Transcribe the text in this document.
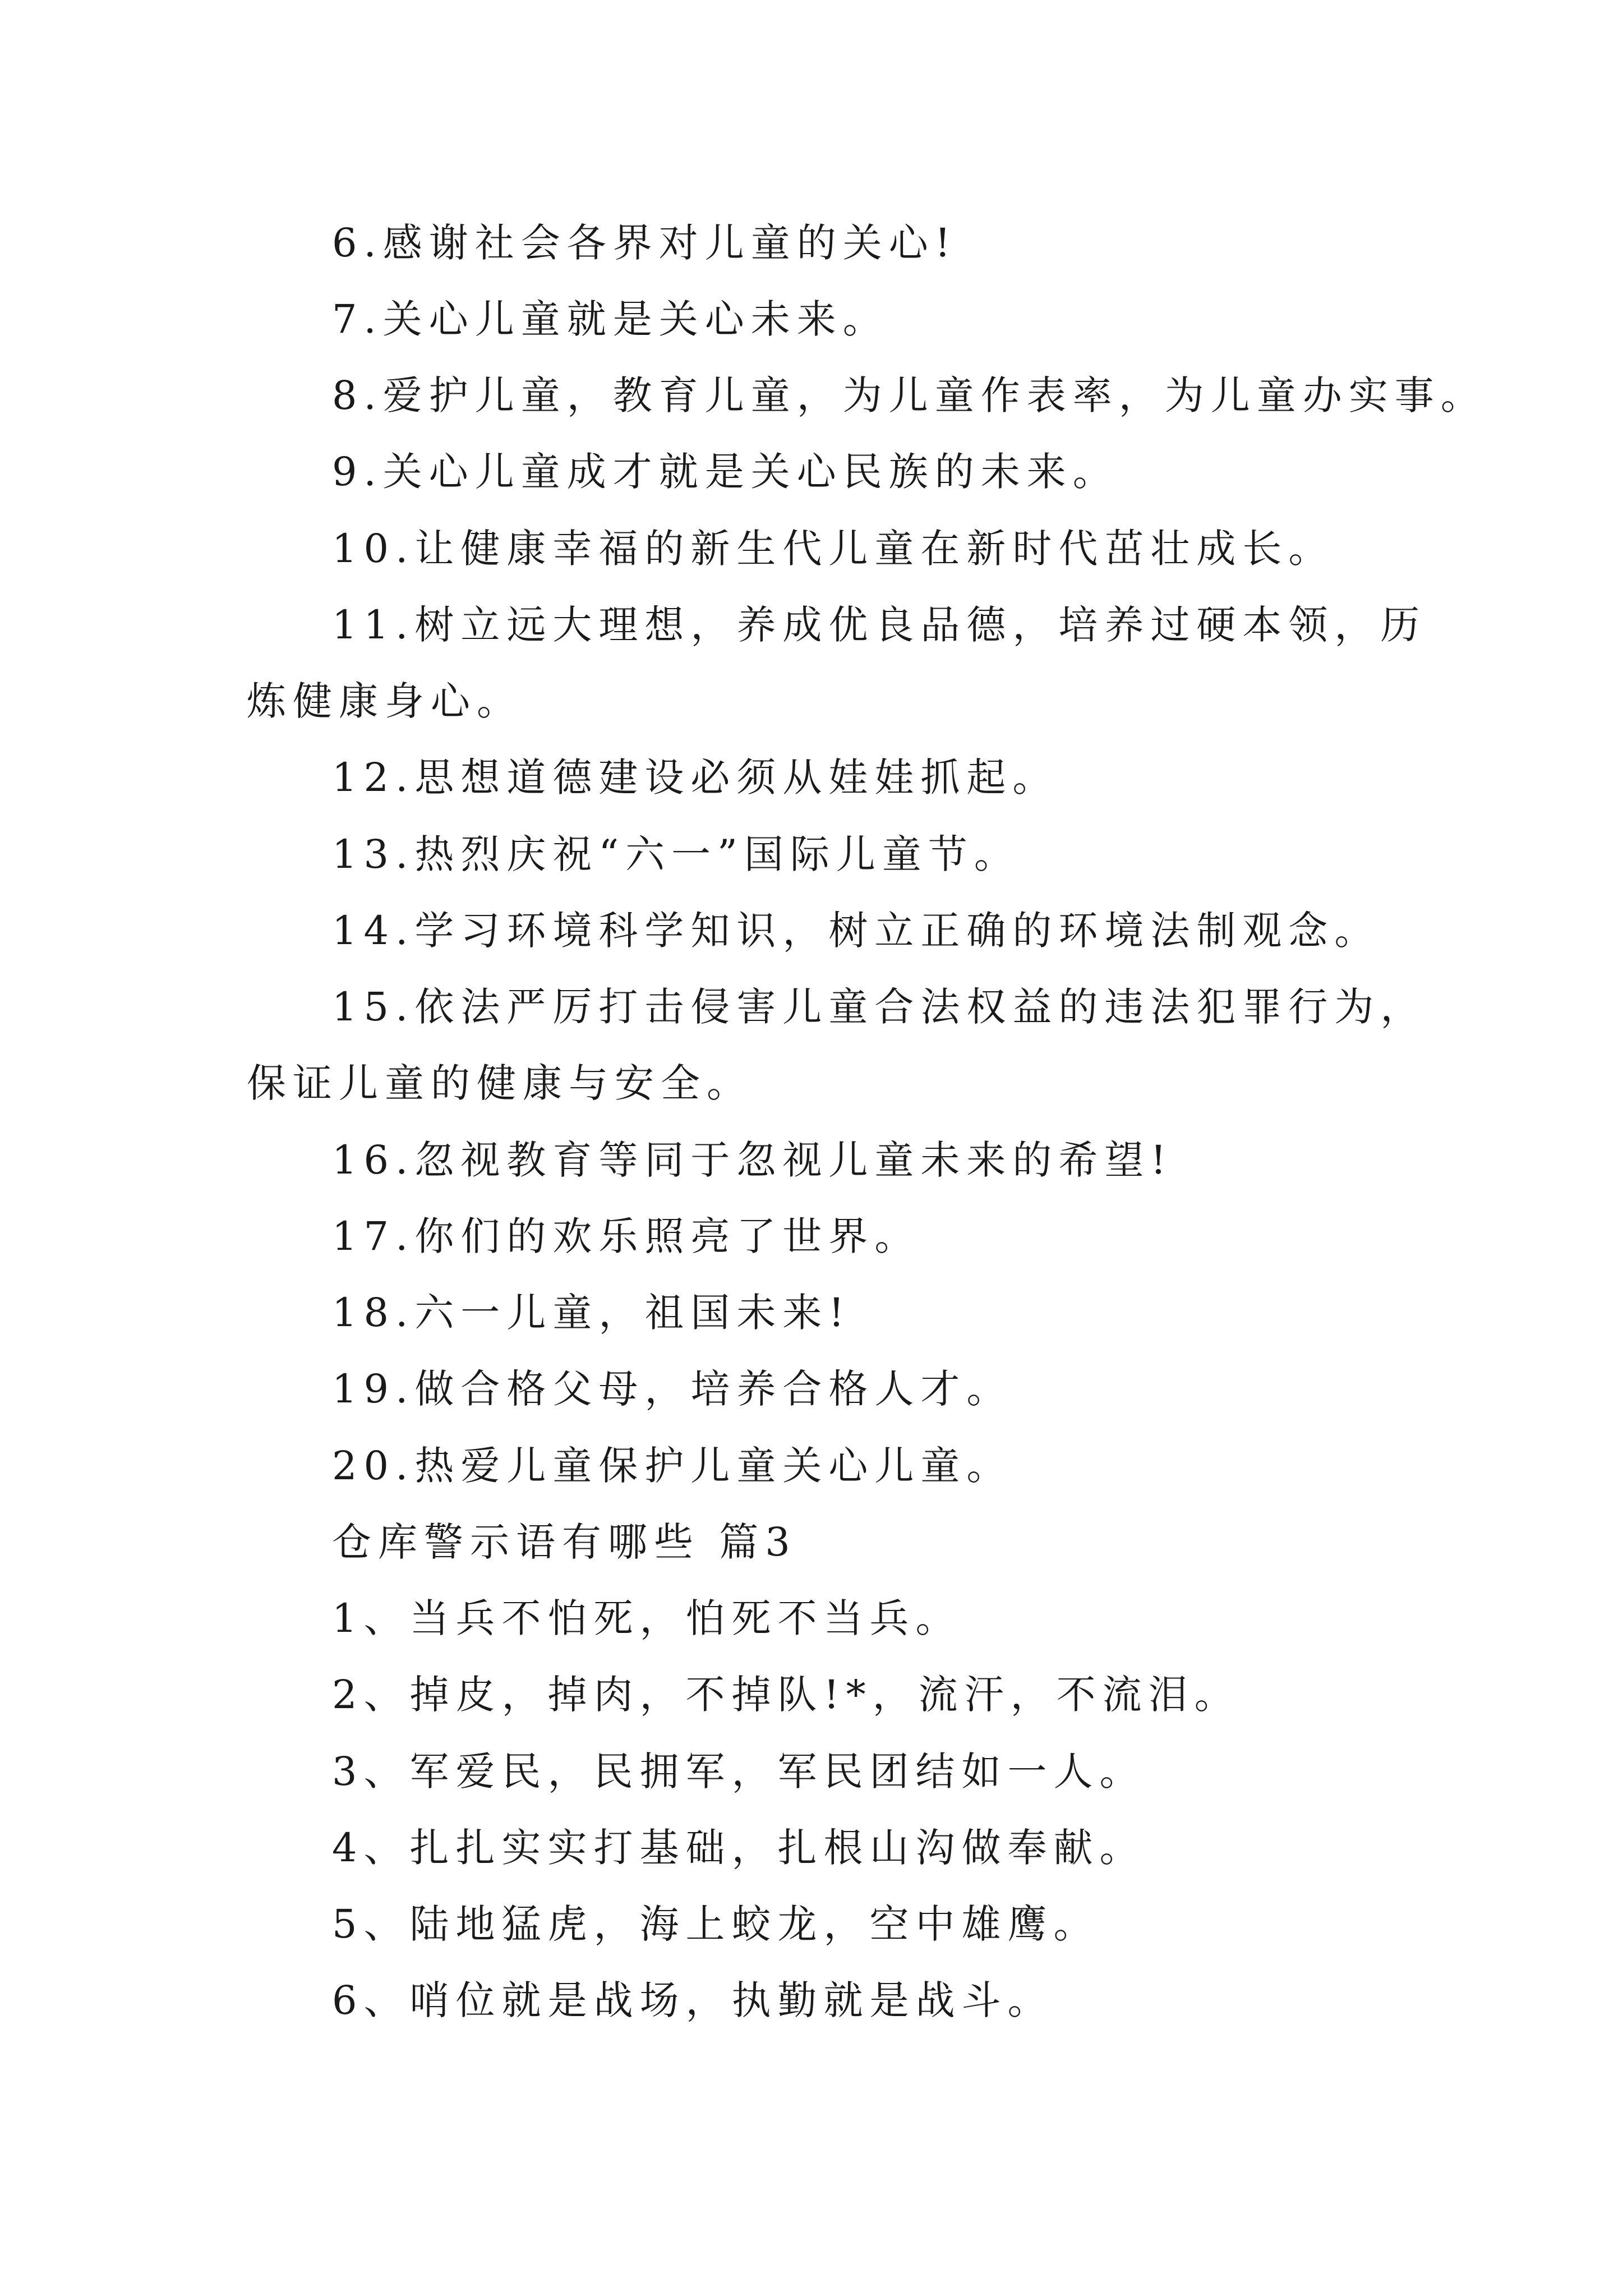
6.感谢社会各界对儿童的关心!
7.关心儿童就是关心未来。
8.爱护儿童，教育儿童，为儿童作表率，为儿童办实事。
9.关心儿童成才就是关心民族的未来。
10.让健康幸福的新生代儿童在新时代茁壮成长。
11.树立远大理想，养成优良品德，培养过硬本领，历
炼健康身心。
12.思想道德建设必须从娃娃抓起。
13.热烈庆祝“六一”国际儿童节。
14.学习环境科学知识，树立正确的环境法制观念。
15.依法严厉打击侵害儿童合法权益的违法犯罪行为，
保证儿童的健康与安全。
16.忽视教育等同于忽视儿童未来的希望!
17.你们的欢乐照亮了世界。
18.六一儿童，祖国未来!
19.做合格父母，培养合格人才。
20.热爱儿童保护儿童关心儿童。
仓库警示语有哪些 篇3
1、当兵不怕死，怕死不当兵。
2、掉皮，掉肉，不掉队!*，流汗，不流泪。
3、军爱民，民拥军，军民团结如一人。
4、扎扎实实打基础，扎根山沟做奉献。
5、陆地猛虎，海上蛟龙，空中雄鹰。
6、哨位就是战场，执勤就是战斗。
